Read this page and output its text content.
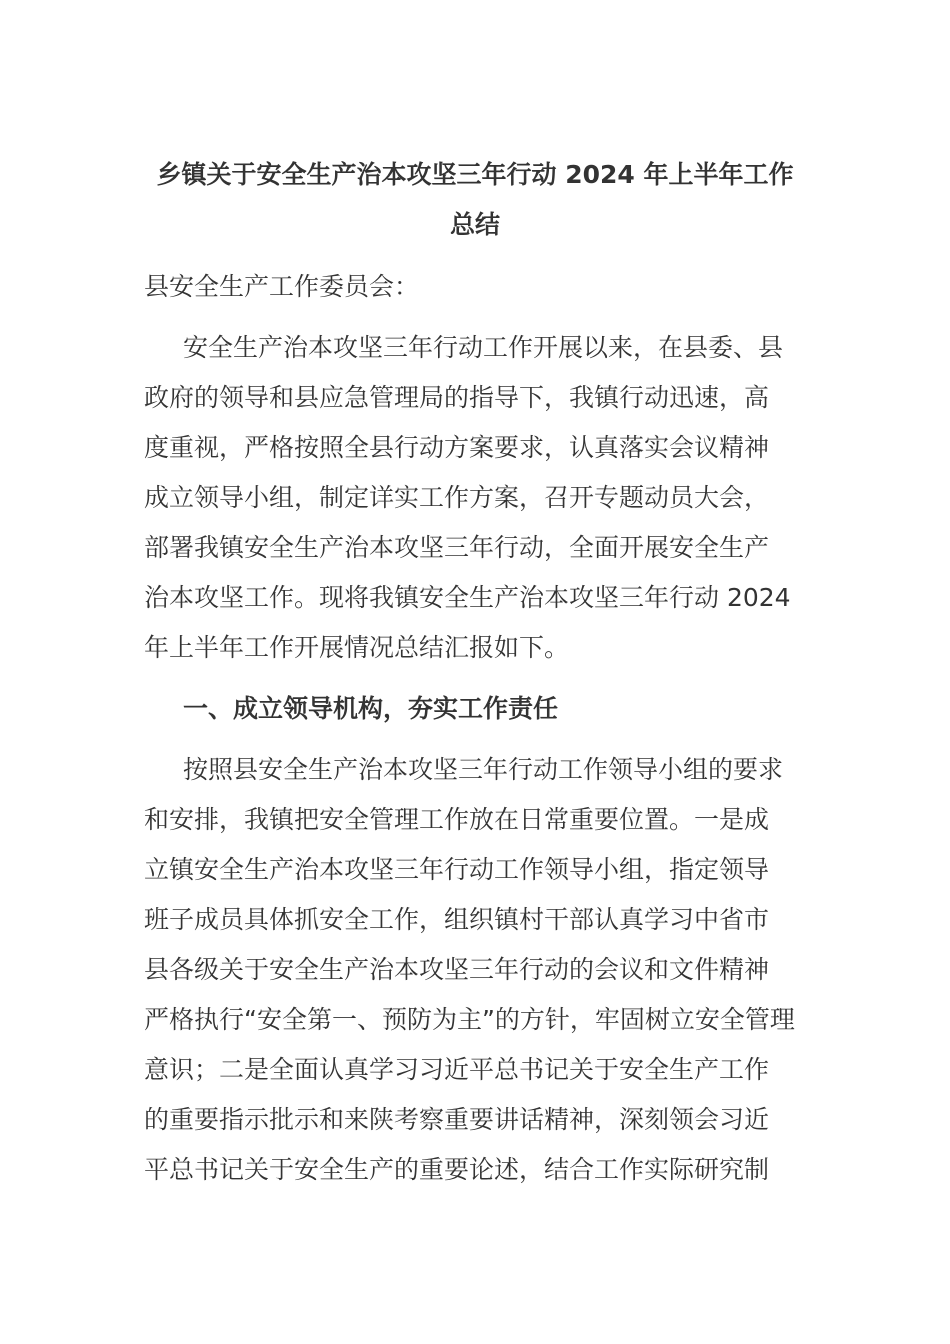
乡镇关于安全生产治本攻坚三年行动 2024 年上半年工作
总结
县安全生产工作委员会：
安全生产治本攻坚三年行动工作开展以来，在县委、县
政府的领导和县应急管理局的指导下，我镇行动迅速，高
度重视，严格按照全县行动方案要求，认真落实会议精神
成立领导小组，制定详实工作方案，召开专题动员大会，
部署我镇安全生产治本攻坚三年行动，全面开展安全生产
治本攻坚工作。现将我镇安全生产治本攻坚三年行动 2024
年上半年工作开展情况总结汇报如下。
一、成立领导机构，夯实工作责任
按照县安全生产治本攻坚三年行动工作领导小组的要求
和安排，我镇把安全管理工作放在日常重要位置。一是成
立镇安全生产治本攻坚三年行动工作领导小组，指定领导
班子成员具体抓安全工作，组织镇村干部认真学习中省市
县各级关于安全生产治本攻坚三年行动的会议和文件精神
严格执行“安全第一、预防为主”的方针，牢固树立安全管理
意识；二是全面认真学习习近平总书记关于安全生产工作
的重要指示批示和来陕考察重要讲话精神，深刻领会习近
平总书记关于安全生产的重要论述，结合工作实际研究制
